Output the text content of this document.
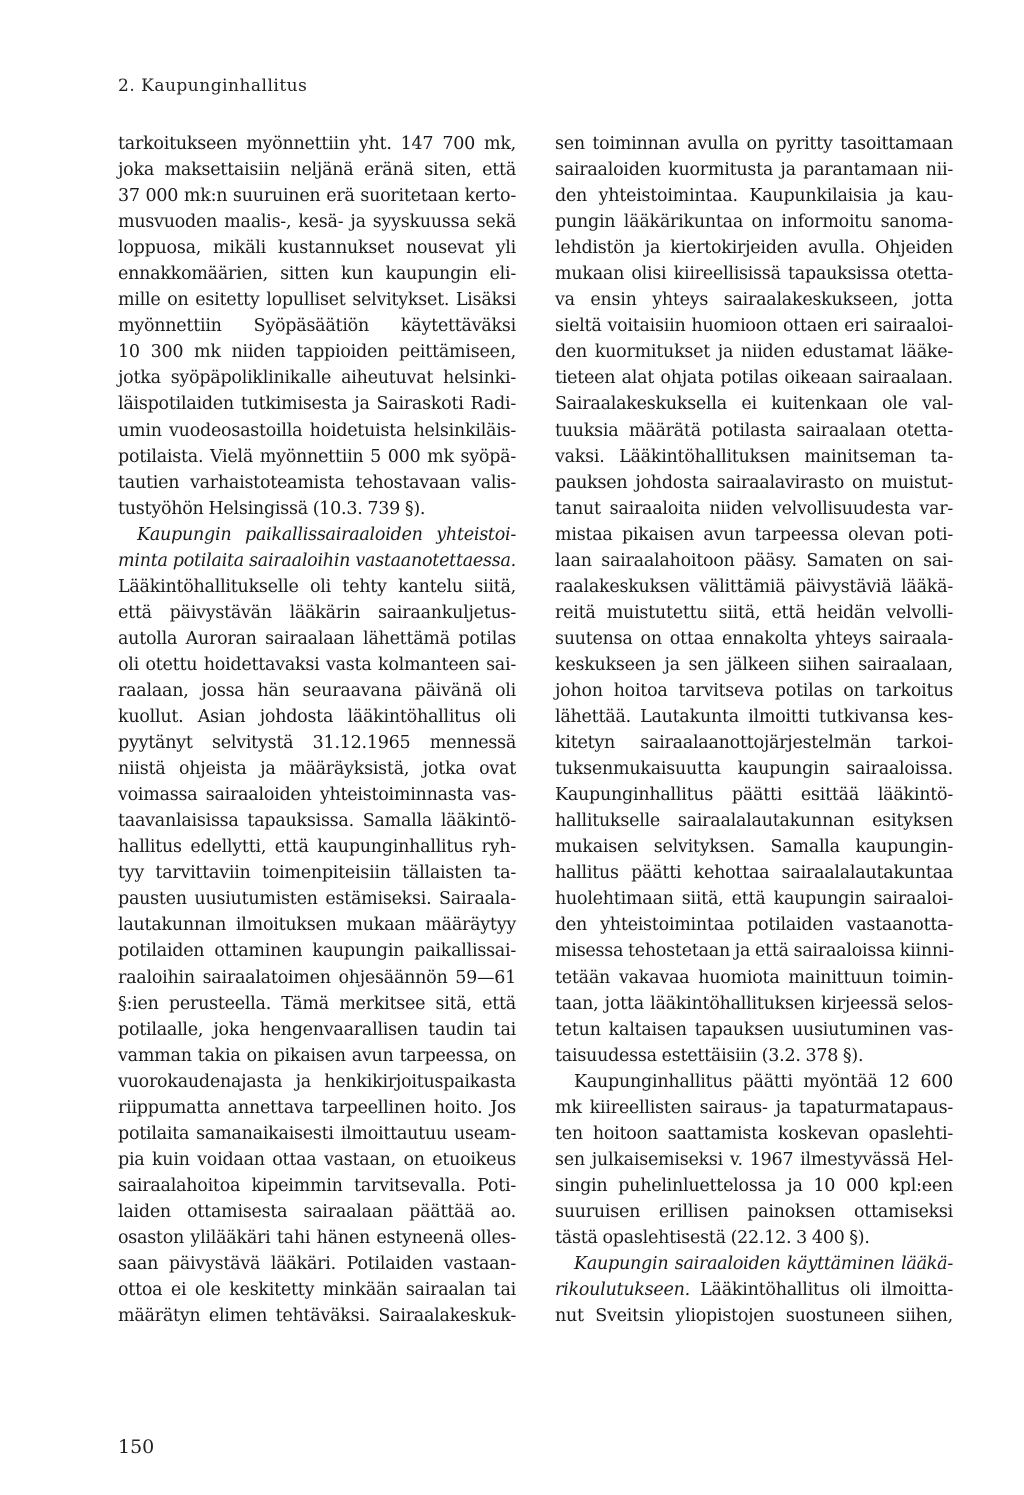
2. Kaupunginhallitus
tarkoitukseen myönnettiin yht. 147 700 mk,
joka maksettaisiin neljänä eränä siten, että
37 000 mk:n suuruinen erä suoritetaan kerto-
musvuoden maalis-, kesä- ja syyskuussa sekä
loppuosa, mikäli kustannukset nousevat yli
ennakkomäärien, sitten kun kaupungin eli-
mille on esitetty lopulliset selvitykset. Lisäksi
myönnettiin Syöpäsäätiön käytettäväksi
10 300 mk niiden tappioiden peittämiseen,
jotka syöpäpoliklinikalle aiheutuvat helsinki-
läispotilaiden tutkimisesta ja Sairaskoti Radi-
umin vuodeosastoilla hoidetuista helsinkiläis-
potilaista. Vielä myönnettiin 5 000 mk syöpä-
tautien varhaistoteamista tehostavaan valis-
tustyöhön Helsingissä (10.3. 739 §).
Kaupungin paikallissairaaloiden yhteistoi-
minta potilaita sairaaloihin vastaanotettaessa.
Lääkintöhallitukselle oli tehty kantelu siitä,
että päivystävän lääkärin sairaankuljetus-
autolla Auroran sairaalaan lähettämä potilas
oli otettu hoidettavaksi vasta kolmanteen sai-
raalaan, jossa hän seuraavana päivänä oli
kuollut. Asian johdosta lääkintöhallitus oli
pyytänyt selvitystä 31.12.1965 mennessä
niistä ohjeista ja määräyksistä, jotka ovat
voimassa sairaaloiden yhteistoiminnasta vas-
taavanlaisissa tapauksissa. Samalla lääkintö-
hallitus edellytti, että kaupunginhallitus ryh-
tyy tarvittaviin toimenpiteisiin tällaisten ta-
pausten uusiutumisten estämiseksi. Sairaala-
lautakunnan ilmoituksen mukaan määräytyy
potilaiden ottaminen kaupungin paikallissai-
raaloihin sairaalatoimen ohjesäännön 59—61
§:ien perusteella. Tämä merkitsee sitä, että
potilaalle, joka hengenvaarallisen taudin tai
vamman takia on pikaisen avun tarpeessa, on
vuorokaudenajasta ja henkikirjoituspaikasta
riippumatta annettava tarpeellinen hoito. Jos
potilaita samanaikaisesti ilmoittautuu useam-
pia kuin voidaan ottaa vastaan, on etuoikeus
sairaalahoitoa kipeimmin tarvitsevalla. Poti-
laiden ottamisesta sairaalaan päättää ao.
osaston ylilääkäri tahi hänen estyneenä olles-
saan päivystävä lääkäri. Potilaiden vastaan-
ottoa ei ole keskitetty minkään sairaalan tai
määrätyn elimen tehtäväksi. Sairaalakeskuk-
sen toiminnan avulla on pyritty tasoittamaan
sairaaloiden kuormitusta ja parantamaan nii-
den yhteistoimintaa. Kaupunkilaisia ja kau-
pungin lääkärikuntaa on informoitu sanoma-
lehdistön ja kiertokirjeiden avulla. Ohjeiden
mukaan olisi kiireellisissä tapauksissa otetta-
va ensin yhteys sairaalakeskukseen, jotta
sieltä voitaisiin huomioon ottaen eri sairaaloi-
den kuormitukset ja niiden edustamat lääke-
tieteen alat ohjata potilas oikeaan sairaalaan.
Sairaalakeskuksella ei kuitenkaan ole val-
tuuksia määrätä potilasta sairaalaan otetta-
vaksi. Lääkintöhallituksen mainitseman ta-
pauksen johdosta sairaalavirasto on muistut-
tanut sairaaloita niiden velvollisuudesta var-
mistaa pikaisen avun tarpeessa olevan poti-
laan sairaalahoitoon pääsy. Samaten on sai-
raalakeskuksen välittämiä päivystäviä lääkä-
reitä muistutettu siitä, että heidän velvolli-
suutensa on ottaa ennakolta yhteys sairaala-
keskukseen ja sen jälkeen siihen sairaalaan,
johon hoitoa tarvitseva potilas on tarkoitus
lähettää. Lautakunta ilmoitti tutkivansa kes-
kitetyn sairaalaanottojärjestelmän tarkoi-
tuksenmukaisuutta kaupungin sairaaloissa.
Kaupunginhallitus päätti esittää lääkintö-
hallitukselle sairaalalautakunnan esityksen
mukaisen selvityksen. Samalla kaupungin-
hallitus päätti kehottaa sairaalalautakuntaa
huolehtimaan siitä, että kaupungin sairaaloi-
den yhteistoimintaa potilaiden vastaanotta-
misessa tehostetaan ja että sairaaloissa kiinni-
tetään vakavaa huomiota mainittuun toimin-
taan, jotta lääkintöhallituksen kirjeessä selos-
tetun kaltaisen tapauksen uusiutuminen vas-
taisuudessa estettäisiin (3.2. 378 §).
Kaupunginhallitus päätti myöntää 12 600
mk kiireellisten sairaus- ja tapaturmatapaus-
ten hoitoon saattamista koskevan opaslehti-
sen julkaisemiseksi v. 1967 ilmestyvässä Hel-
singin puhelinluettelossa ja 10 000 kpl:een
suuruisen erillisen painoksen ottamiseksi
tästä opaslehtisestä (22.12. 3 400 §).
Kaupungin sairaaloiden käyttäminen lääkä-
rikoulutukseen. Lääkintöhallitus oli ilmoitta-
nut Sveitsin yliopistojen suostuneen siihen,
150
